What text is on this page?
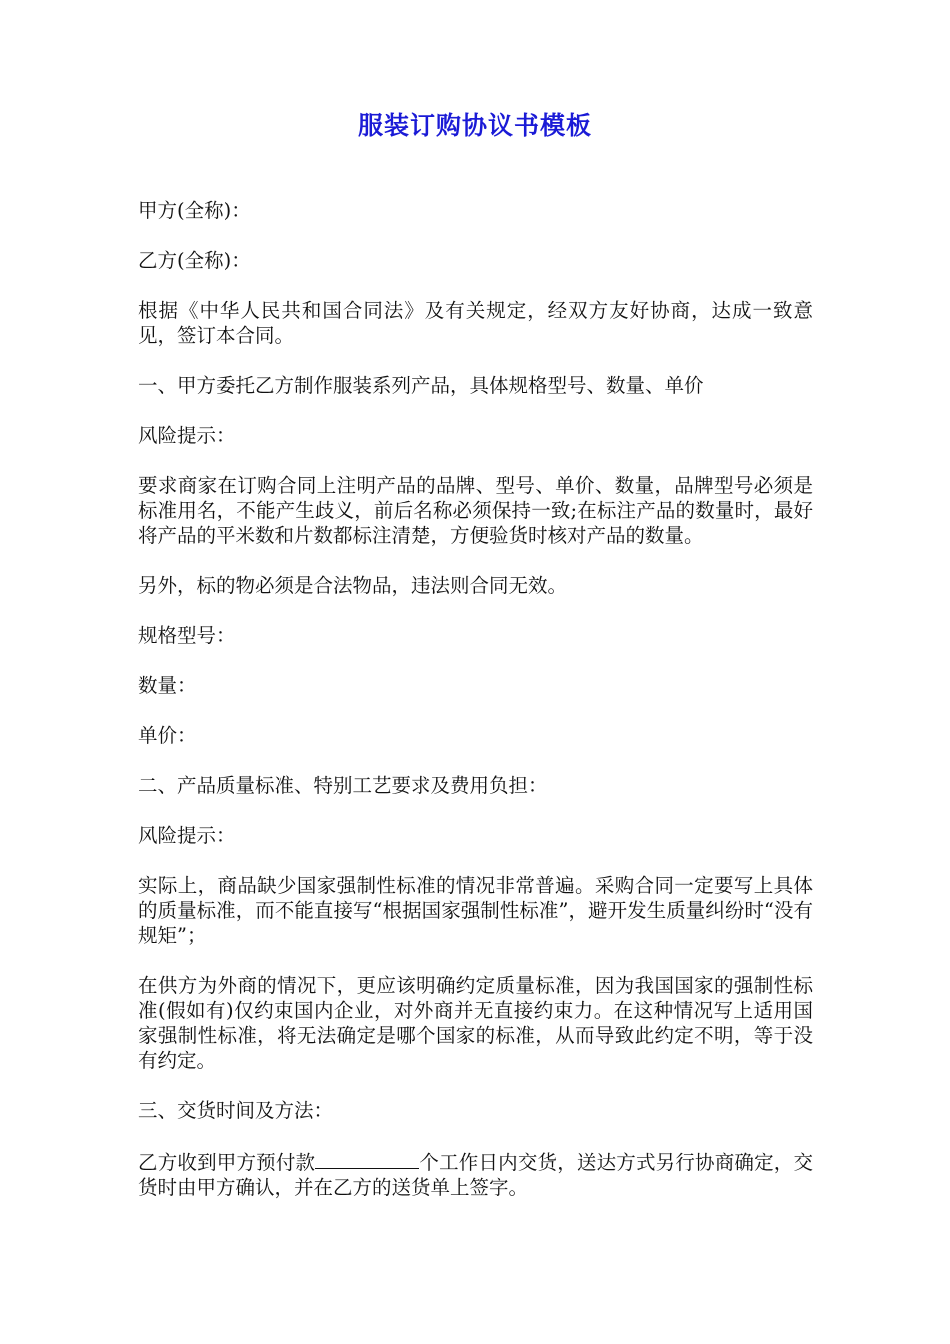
服装订购协议书模板

甲方(全称)：

乙方(全称)：

根据《中华人民共和国合同法》及有关规定，经双方友好协商，达成一致意见，签订本合同。

一、甲方委托乙方制作服装系列产品，具体规格型号、数量、单价

风险提示：

要求商家在订购合同上注明产品的品牌、型号、单价、数量，品牌型号必须是标准用名，不能产生歧义，前后名称必须保持一致;在标注产品的数量时，最好将产品的平米数和片数都标注清楚，方便验货时核对产品的数量。

另外，标的物必须是合法物品，违法则合同无效。

规格型号：

数量：

单价：

二、产品质量标准、特别工艺要求及费用负担：

风险提示：

实际上，商品缺少国家强制性标准的情况非常普遍。采购合同一定要写上具体的质量标准，而不能直接写“根据国家强制性标准”，避开发生质量纠纷时“没有规矩”；

在供方为外商的情况下，更应该明确约定质量标准，因为我国国家的强制性标准(假如有)仅约束国内企业，对外商并无直接约束力。在这种情况写上适用国家强制性标准，将无法确定是哪个国家的标准，从而导致此约定不明，等于没有约定。

三、交货时间及方法：

乙方收到甲方预付款	个工作日内交货，送达方式另行协商确定，交货时由甲方确认，并在乙方的送货单上签字。
